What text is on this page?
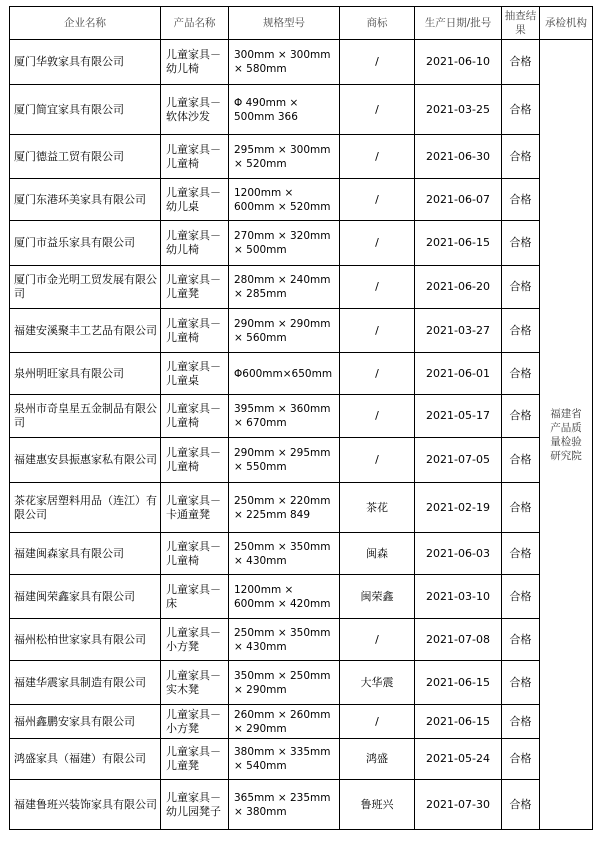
企业名称	产品名称	规格型号	商标	生产日期/批号	抽查结果	承检机构
厦门华敦家具有限公司	儿童家具－幼儿椅	300mm × 300mm × 580mm	/	2021-06-10	合格	福建省产品质量检验研究院
厦门简宜家具有限公司	儿童家具－软体沙发	Φ 490mm × 500mm 366	/	2021-03-25	合格	
厦门德益工贸有限公司	儿童家具－儿童椅	295mm × 300mm × 520mm	/	2021-06-30	合格	
厦门东港环美家具有限公司	儿童家具－幼儿桌	1200mm × 600mm × 520mm	/	2021-06-07	合格	
厦门市益乐家具有限公司	儿童家具－幼儿椅	270mm × 320mm × 500mm	/	2021-06-15	合格	
厦门市金光明工贸发展有限公司	儿童家具－儿童凳	280mm × 240mm × 285mm	/	2021-06-20	合格	
福建安溪聚丰工艺品有限公司	儿童家具－儿童椅	290mm × 290mm × 560mm	/	2021-03-27	合格	
泉州明旺家具有限公司	儿童家具－儿童桌	Φ600mm×650mm	/	2021-06-01	合格	
泉州市奇皇星五金制品有限公司	儿童家具－儿童椅	395mm × 360mm × 670mm	/	2021-05-17	合格	
福建惠安县振惠家私有限公司	儿童家具－儿童椅	290mm × 295mm × 550mm	/	2021-07-05	合格	
茶花家居塑料用品（连江）有限公司	儿童家具－卡通童凳	250mm × 220mm × 225mm 849	茶花	2021-02-19	合格	
福建闽森家具有限公司	儿童家具－儿童椅	250mm × 350mm × 430mm	闽森	2021-06-03	合格	
福建闽荣鑫家具有限公司	儿童家具－床	1200mm × 600mm × 420mm	闽荣鑫	2021-03-10	合格	
福州松柏世家家具有限公司	儿童家具－小方凳	250mm × 350mm × 430mm	/	2021-07-08	合格	
福建华震家具制造有限公司	儿童家具－实木凳	350mm × 250mm × 290mm	大华震	2021-06-15	合格	
福州鑫鹏安家具有限公司	儿童家具－小方凳	260mm × 260mm × 290mm	/	2021-06-15	合格	
鸿盛家具（福建）有限公司	儿童家具－儿童凳	380mm × 335mm × 540mm	鸿盛	2021-05-24	合格	
福建鲁班兴装饰家具有限公司	儿童家具－幼儿园凳子	365mm × 235mm × 380mm	鲁班兴	2021-07-30	合格	
